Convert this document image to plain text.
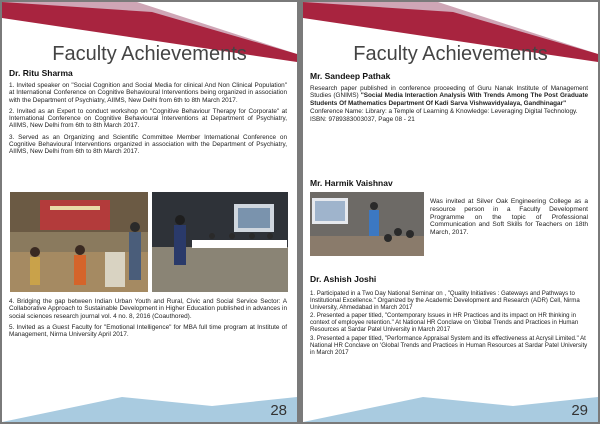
Faculty Achievements

Dr. Ritu Sharma

1. Invited speaker on "Social Cognition and Social Media for clinical And Non Clinical Population" at International Conference on Cognitive Behavioural Interventions being organized in association with the Department of Psychiatry, AIIMS, New Delhi from 6th to 8th March 2017.

2. Invited as an Expert to conduct workshop on "Cognitive Behaviour Therapy for Corporate" at International Conference on Cognitive Behavioural Interventions at Department of Psychiatry, AIIMS, New Delhi from 6th to 8th March 2017.

3. Served as an Organizing and Scientific Committee Member International Conference on Cognitive Behavioural Interventions organized in association with the Department of Psychiatry, AIIMS, New Delhi from 6th to 8th March 2017.

4. Bridging the gap between Indian Urban Youth and Rural, Civic and Social Service Sector: A Collaborative Approach to Sustainable Development in Higher Education published in advances in social sciences research journal vol. 4 no. 8, 2016 (Coauthored).

5. Invited as a Guest Faculty for "Emotional Intelligence" for MBA full time program at Institute of Management, Nirma University April 2017.

28
Faculty Achievements

Mr. Sandeep Pathak

Research paper published in conference proceeding of Guru Nanak Institute of Management Studies (GNIMS) "Social Media Interaction Analysis With Trends Among The Post Graduate Students Of Mathematics Department Of Kadi Sarva Vishwavidyalaya, Gandhinagar"

Conference Name: Library: a Temple of Learning & Knowledge: Leveraging Digital Technology.

ISBN: 9789383003037, Page 08 - 21

Mr. Harmik Vaishnav

Was invited at Silver Oak Engineering College as a resource person in a Faculty Development Programme on the topic of Professional Communication and Soft Skills for Teachers on 18th March, 2017.

Dr. Ashish Joshi

1. Participated in a Two Day National Seminar on , "Quality Initiatives : Gateways and Pathways to Institutional Excellence." Organized by the Academic Development and Research (ADR) Cell, Nirma University, Ahmedabad in March 2017

2. Presented a paper titled, "Contemporary Issues in HR Practices and its impact on HR thinking in context of employee retention." At National HR Conclave on 'Global Trends and Practices in Human Resources at Sardar Patel University in March 2017

3. Presented a paper titled, "Performance Appraisal System and its effectiveness at Acrysil Limited." At National HR Conclave on 'Global Trends and Practices in Human Resources at Sardar Patel University in March 2017

29
